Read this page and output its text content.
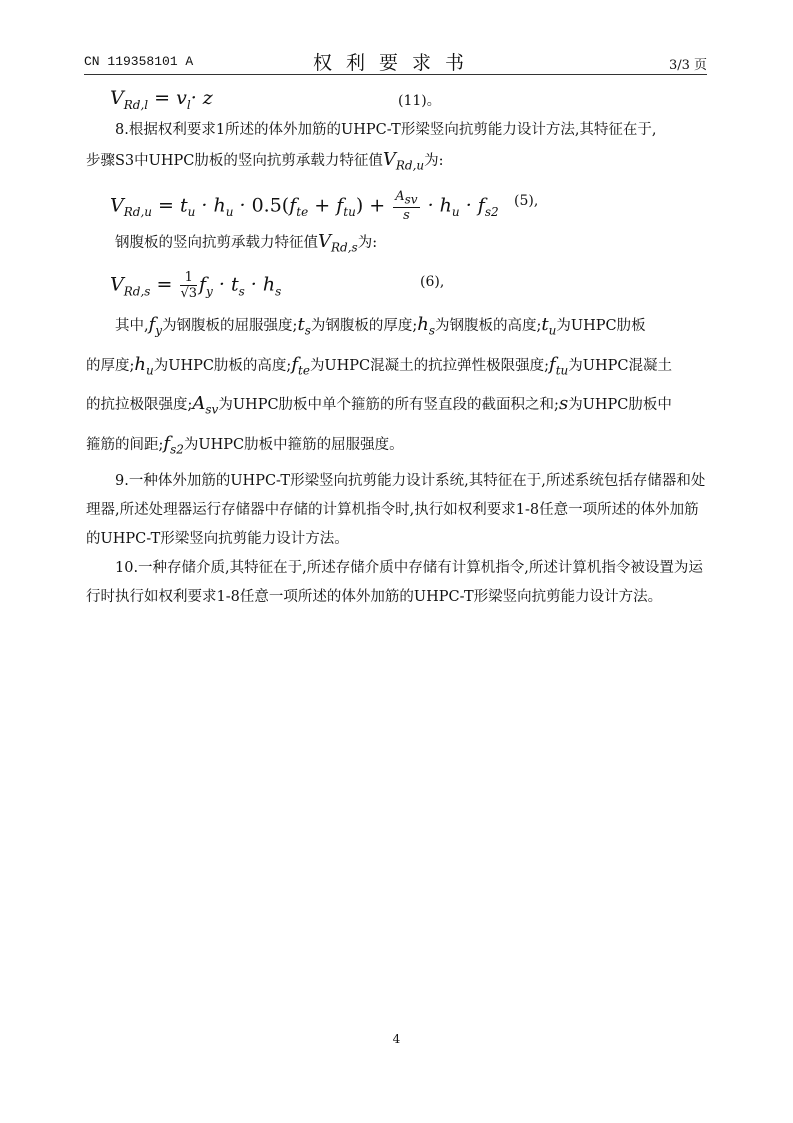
CN 119358101 A	权利要求书	3/3 页
$V_{Rd,l} = v_l\cdot z$	(11)。

8.根据权利要求1所述的体外加筋的UHPC-T形梁竖向抗剪能力设计方法,其特征在于,

步骤S3中UHPC肋板的竖向抗剪承载力特征值$V_{Rd,u}$为:

$V_{Rd,u} = t_u \cdot h_u \cdot 0.5(f_{te} + f_{tu}) + \frac{A_{sv}}{s} \cdot h_u \cdot f_{s2}$
(5),

钢腹板的竖向抗剪承载力特征值$V_{Rd,s}$为:

$V_{Rd,s} = \frac{1}{√3} f_y \cdot t_s \cdot h_s$
(6),

其中$,f_y$为钢腹板的屈服强度$;t_s$为钢腹板的厚度$;h_s$为钢腹板的高度$;t_u$为UHPC肋板

的厚度$;h_u$为UHPC肋板的高度$;f_{te}$为UHPC混凝土的抗拉弹性极限强度$;f_{tu}$为UHPC混凝土

的抗拉极限强度$;A_{sv}$为UHPC肋板中单个箍筋的所有竖直段的截面积之和;s为UHPC肋板中

箍筋的间距$;f_{s2}$为UHPC肋板中箍筋的屈服强度。

9.一种体外加筋的UHPC-T形梁竖向抗剪能力设计系统,其特征在于,所述系统包括存储器和处理器,所述处理器运行存储器中存储的计算机指令时,执行如权利要求1-8任意一项所述的体外加筋的UHPC-T形梁竖向抗剪能力设计方法。

10.一种存储介质,其特征在于,所述存储介质中存储有计算机指令,所述计算机指令被设置为运行时执行如权利要求1-8任意一项所述的体外加筋的UHPC-T形梁竖向抗剪能力设计方法。

4
